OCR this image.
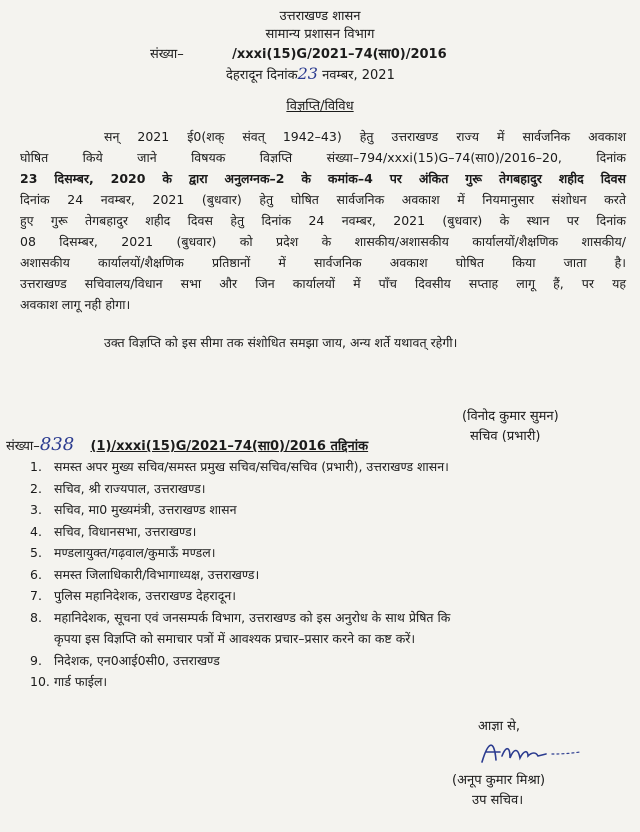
उत्तराखण्ड शासन
सामान्य प्रशासन विभाग
संख्या–	/xxxi(15)G/2021–74(सा0)/2016
देहरादून दिनांक23 नवम्बर, 2021
विज्ञप्ति/विविध
सन् 2021 ई0(शक् संवत् 1942–43) हेतु उत्तराखण्ड राज्य में सार्वजनिक अवकाश
घोषित किये जाने विषयक विज्ञप्ति संख्या–794/xxxi(15)G–74(सा0)/2016–20, दिनांक
23 दिसम्बर, 2020 के द्वारा अनुलग्नक–2 के कमांक–4 पर अंकित गुरू तेगबहादुर शहीद दिवस
दिनांक 24 नवम्बर, 2021 (बुधवार) हेतु घोषित सार्वजनिक अवकाश में नियमानुसार संशोधन करते
हुए गुरू तेगबहादुर शहीद दिवस हेतु दिनांक 24 नवम्बर, 2021 (बुधवार) के स्थान पर दिनांक
08 दिसम्बर, 2021 (बुधवार) को प्रदेश के शासकीय/अशासकीय कार्यालयों/शैक्षणिक शासकीय/
अशासकीय कार्यालयों/शैक्षणिक प्रतिष्ठानों में सार्वजनिक अवकाश घोषित किया जाता है।
उत्तराखण्ड सचिवालय/विधान सभा और जिन कार्यालयों में पाँच दिवसीय सप्ताह लागू हैं, पर यह
अवकाश लागू नही होगा।
उक्त विज्ञप्ति को इस सीमा तक संशोधित समझा जाय, अन्य शर्ते यथावत् रहेगी।
(विनोद कुमार सुमन)
सचिव (प्रभारी)
संख्या–838 (1)/xxxi(15)G/2021–74(सा0)/2016 तद्दिनांक
1. समस्त अपर मुख्य सचिव/समस्त प्रमुख सचिव/सचिव/सचिव (प्रभारी), उत्तराखण्ड शासन।
2. सचिव, श्री राज्यपाल, उत्तराखण्ड।
3. सचिव, मा0 मुख्यमंत्री, उत्तराखण्ड शासन
4. सचिव, विधानसभा, उत्तराखण्ड।
5. मण्डलायुक्त/गढ़वाल/कुमाऊँ मण्डल।
6. समस्त जिलाधिकारी/विभागाध्यक्ष, उत्तराखण्ड।
7. पुलिस महानिदेशक, उत्तराखण्ड देहरादून।
8. महानिदेशक, सूचना एवं जनसम्पर्क विभाग, उत्तराखण्ड को इस अनुरोध के साथ प्रेषित कि
कृपया इस विज्ञप्ति को समाचार पत्रों में आवश्यक प्रचार–प्रसार करने का कष्ट करें।
9. निदेशक, एन0आई0सी0, उत्तराखण्ड
10. गार्ड फाईल।
आज्ञा से,
(अनूप कुमार मिश्रा)
उप सचिव।
